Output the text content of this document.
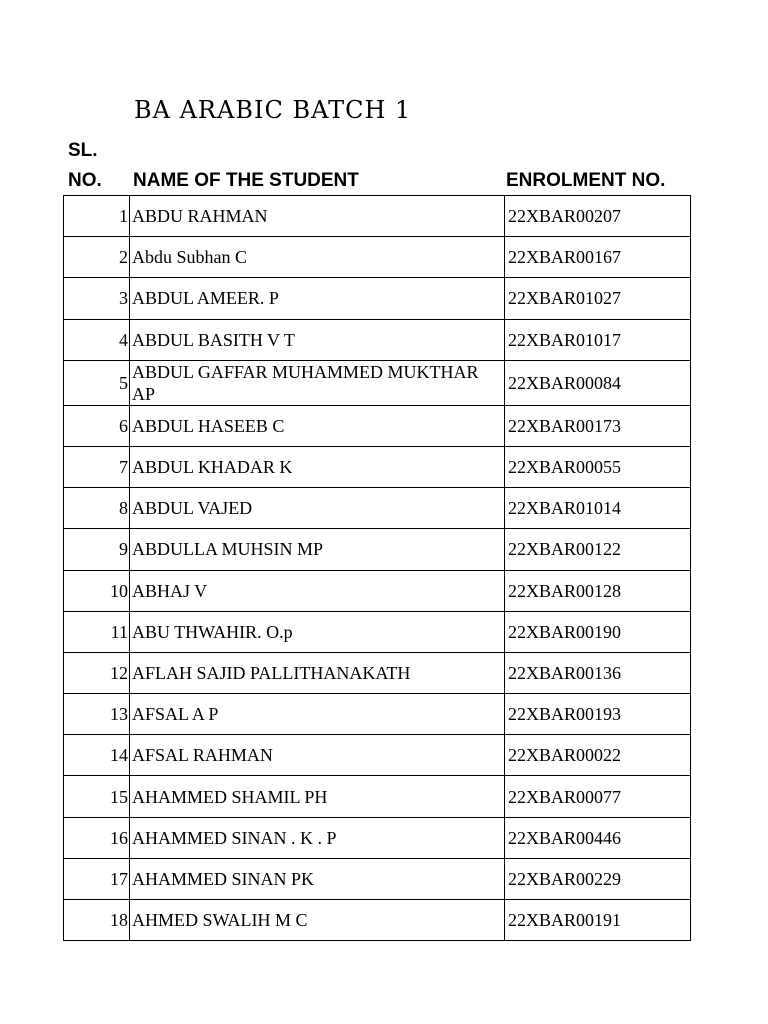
BA ARABIC BATCH 1
SL.
NO. NAME OF THE STUDENT	ENROLMENT NO.
1	ABDU RAHMAN	22XBAR00207
2	Abdu Subhan C	22XBAR00167
3	ABDUL AMEER. P	22XBAR01027
4	ABDUL BASITH V T	22XBAR01017
5	ABDUL GAFFAR MUHAMMED MUKTHAR AP	22XBAR00084
6	ABDUL HASEEB C	22XBAR00173
7	ABDUL KHADAR K	22XBAR00055
8	ABDUL VAJED	22XBAR01014
9	ABDULLA MUHSIN MP	22XBAR00122
10	ABHAJ V	22XBAR00128
11	ABU THWAHIR. O.p	22XBAR00190
12	AFLAH SAJID PALLITHANAKATH	22XBAR00136
13	AFSAL A P	22XBAR00193
14	AFSAL RAHMAN	22XBAR00022
15	AHAMMED SHAMIL PH	22XBAR00077
16	AHAMMED SINAN . K . P	22XBAR00446
17	AHAMMED SINAN PK	22XBAR00229
18	AHMED SWALIH M C	22XBAR00191
